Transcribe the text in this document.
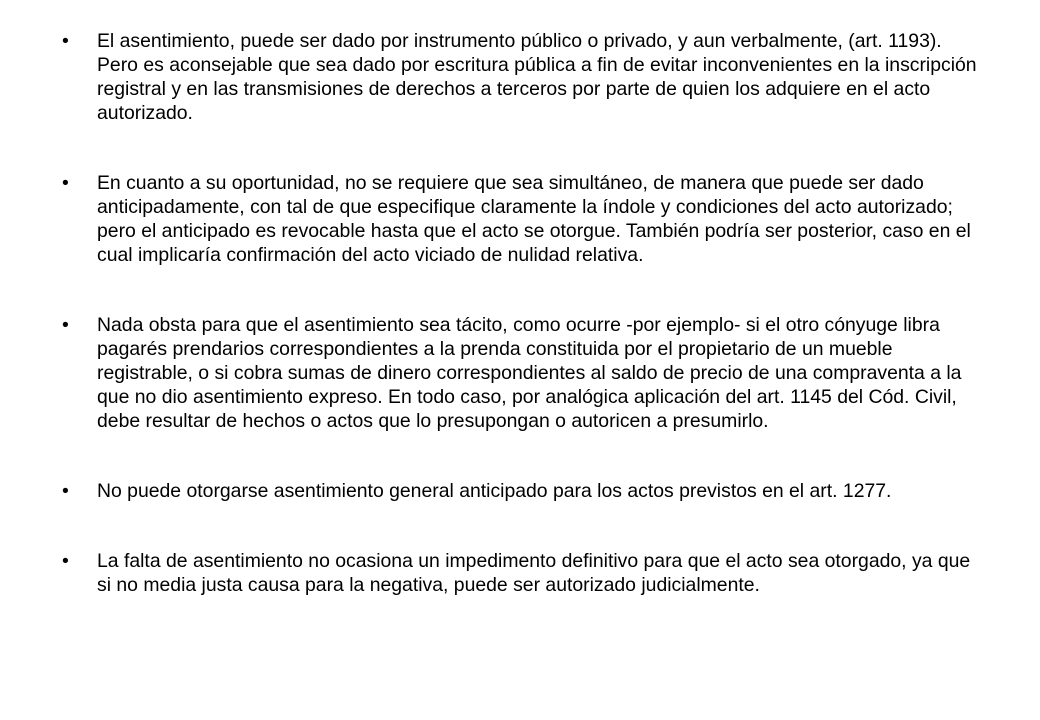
• El asentimiento, puede ser dado por instrumento público o privado, y aun verbalmente, (art. 1193). Pero es aconsejable que sea dado por escritura pública a fin de evitar inconvenientes en la inscripción registral y en las transmisiones de derechos a terceros por parte de quien los adquiere en el acto autorizado.
• En cuanto a su oportunidad, no se requiere que sea simultáneo, de manera que puede ser dado anticipadamente, con tal de que especifique claramente la índole y condiciones del acto autorizado; pero el anticipado es revocable hasta que el acto se otorgue. También podría ser posterior, caso en el cual implicaría confirmación del acto viciado de nulidad relativa.
• Nada obsta para que el asentimiento sea tácito, como ocurre -por ejemplo- si el otro cónyuge libra pagarés prendarios correspondientes a la prenda constituida por el propietario de un mueble registrable, o si cobra sumas de dinero correspondientes al saldo de precio de una compraventa a la que no dio asentimiento expreso. En todo caso, por analógica aplicación del art. 1145 del Cód. Civil, debe resultar de hechos o actos que lo presupongan o autoricen a presumirlo.
• No puede otorgarse asentimiento general anticipado para los actos previstos en el art. 1277.
• La falta de asentimiento no ocasiona un impedimento definitivo para que el acto sea otorgado, ya que si no media justa causa para la negativa, puede ser autorizado judicialmente.
